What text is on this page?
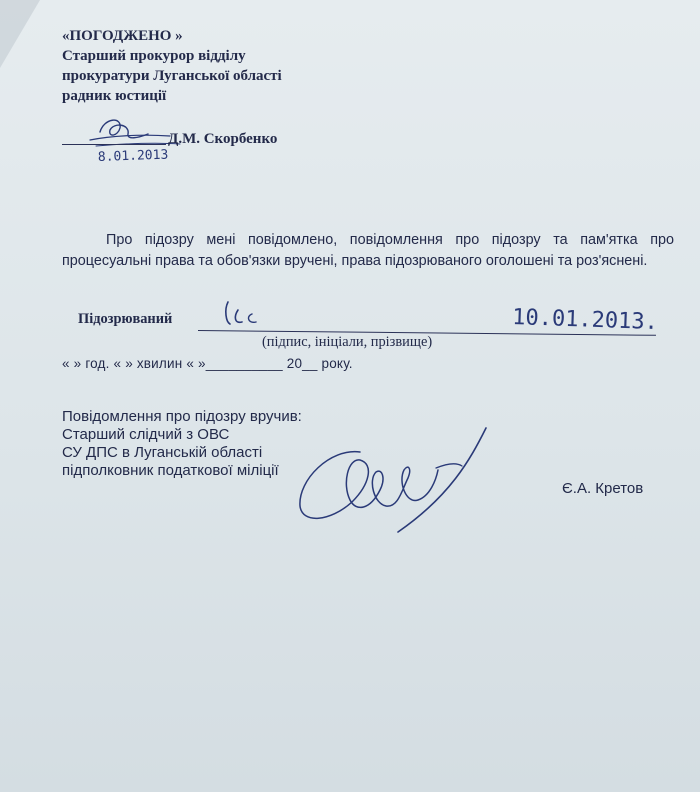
«ПОГОДЖЕНО »
Старший прокурор відділу
прокуратури Луганської області
радник юстиції
8.01.2013
Д.М. Скорбенко
Про підозру мені повідомлено, повідомлення про підозру та пам'ятка про процесуальні права та обов'язки вручені, права підозрюваного оголошені та роз'яснені.
Підозрюваний	10.01.2013.
(підпис, ініціали, прізвище)
« » год. « » хвилин « »__________ 20__ року.
Повідомлення про підозру вручив:
Старший слідчий з ОВС
СУ ДПС в Луганській області
підполковник податкової міліції
Є.А. Кретов
